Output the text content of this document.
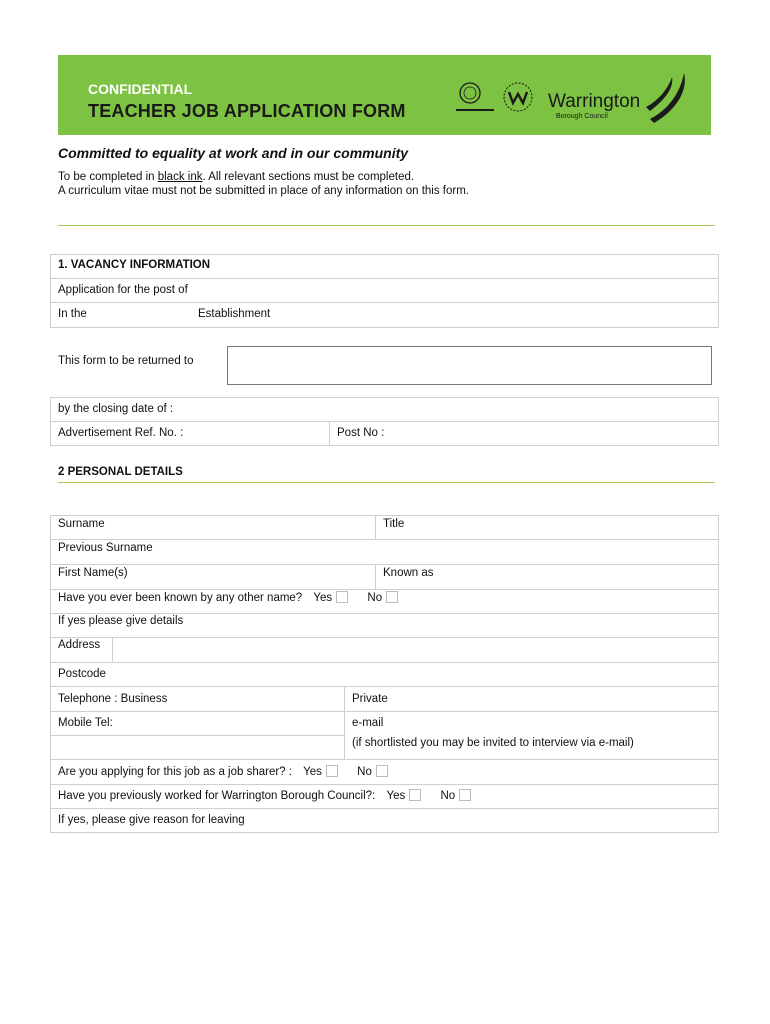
CONFIDENTIAL
TEACHER JOB APPLICATION FORM	Warrington
Borough Council
Committed to equality at work and in our community
To be completed in black ink. All relevant sections must be completed.
A curriculum vitae must not be submitted in place of any information on this form.
1. VACANCY INFORMATION
Application for the post of
In the	Establishment
This form to be returned to
by the closing date of :
Advertisement Ref. No. :	Post No :
2 PERSONAL DETAILS
Surname	Title
Previous Surname
First Name(s)	Known as
Have you ever been known by any other name? Yes	No
If yes please give details
Address
Postcode
Telephone : Business	Private
Mobile Tel:	e-mail
(if shortlisted you may be invited to interview via e-mail)
Are you applying for this job as a job sharer? : Yes	No
Have you previously worked for Warrington Borough Council?: Yes	No
If yes, please give reason for leaving
